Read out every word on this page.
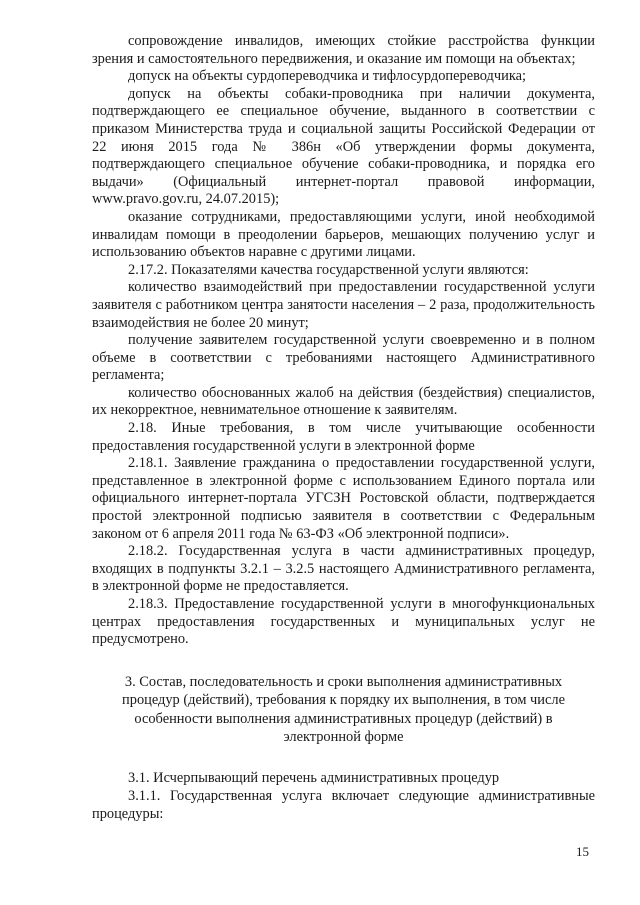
сопровождение инвалидов, имеющих стойкие расстройства функции зрения и самостоятельного передвижения, и оказание им помощи на объектах;

допуск на объекты сурдопереводчика и тифлосурдопереводчика;

допуск на объекты собаки-проводника при наличии документа, подтверждающего ее специальное обучение, выданного в соответствии с приказом Министерства труда и социальной защиты Российской Федерации от 22 июня 2015 года № 386н «Об утверждении формы документа, подтверждающего специальное обучение собаки-проводника, и порядка его выдачи» (Официальный интернет-портал правовой информации, www.pravo.gov.ru, 24.07.2015);

оказание сотрудниками, предоставляющими услуги, иной необходимой инвалидам помощи в преодолении барьеров, мешающих получению услуг и использованию объектов наравне с другими лицами.

2.17.2. Показателями качества государственной услуги являются:

количество взаимодействий при предоставлении государственной услуги заявителя с работником центра занятости населения – 2 раза, продолжительность взаимодействия не более 20 минут;

получение заявителем государственной услуги своевременно и в полном объеме в соответствии с требованиями настоящего Административного регламента;

количество обоснованных жалоб на действия (бездействия) специалистов, их некорректное, невнимательное отношение к заявителям.

2.18. Иные требования, в том числе учитывающие особенности предоставления государственной услуги в электронной форме

2.18.1. Заявление гражданина о предоставлении государственной услуги, представленное в электронной форме с использованием Единого портала или официального интернет-портала УГСЗН Ростовской области, подтверждается простой электронной подписью заявителя в соответствии с Федеральным законом от 6 апреля 2011 года № 63-ФЗ «Об электронной подписи».

2.18.2. Государственная услуга в части административных процедур, входящих в подпункты 3.2.1 – 3.2.5 настоящего Административного регламента, в электронной форме не предоставляется.

2.18.3. Предоставление государственной услуги в многофункциональных центрах предоставления государственных и муниципальных услуг не предусмотрено.

3. Состав, последовательность и сроки выполнения административных процедур (действий), требования к порядку их выполнения, в том числе особенности выполнения административных процедур (действий) в электронной форме

3.1. Исчерпывающий перечень административных процедур

3.1.1. Государственная услуга включает следующие административные процедуры:

15
